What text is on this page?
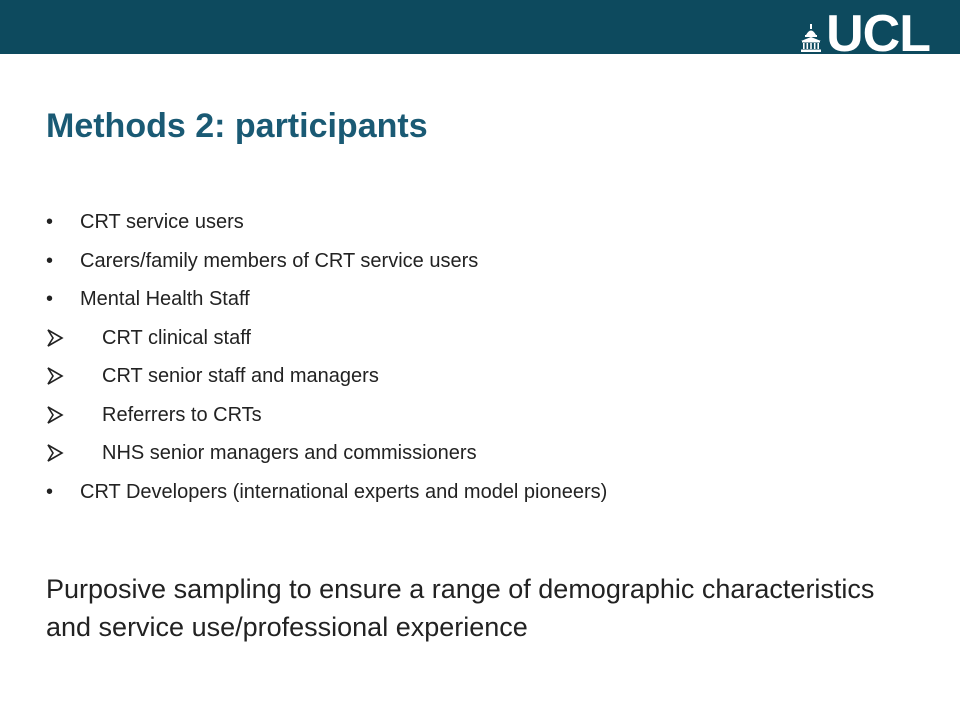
UCL
Methods 2: participants
•	CRT service users
•	Carers/family members of CRT service users
•	Mental Health Staff
CRT clinical staff
CRT senior staff and managers
Referrers to CRTs
NHS senior managers and commissioners
•	CRT Developers (international experts and model pioneers)

Purposive sampling to ensure a range of demographic characteristics and service use/professional experience
